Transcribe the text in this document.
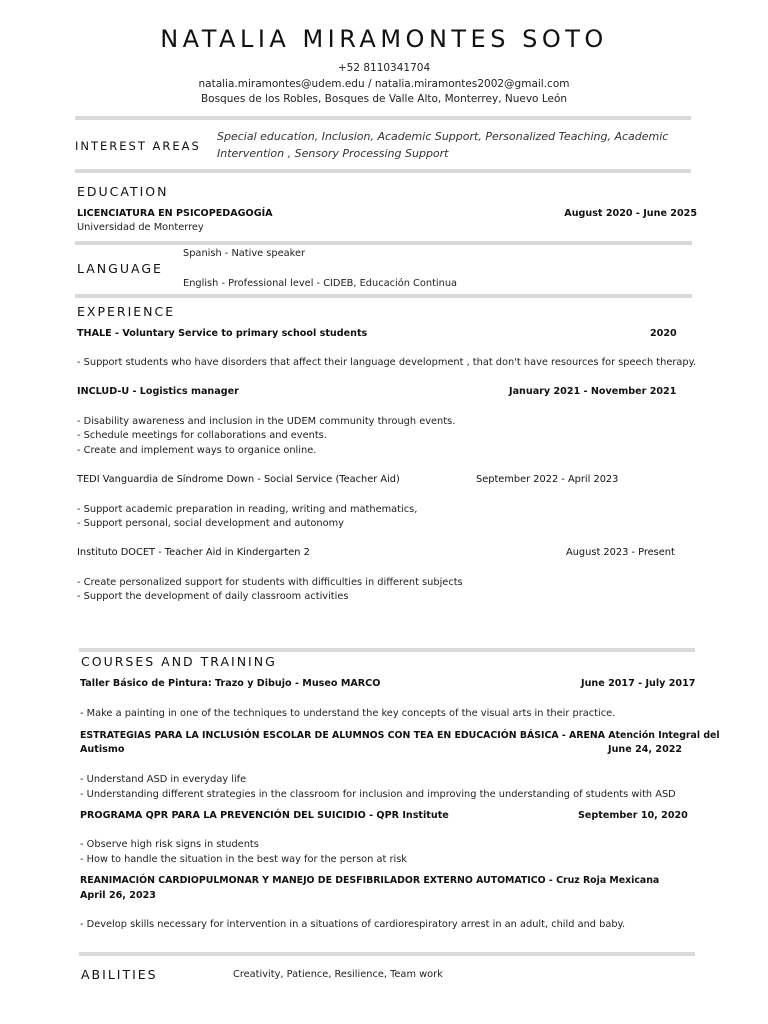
NATALIA MIRAMONTES SOTO
+52 8110341704
natalia.miramontes@udem.edu / natalia.miramontes2002@gmail.com
Bosques de los Robles, Bosques de Valle Alto, Monterrey, Nuevo León
INTEREST AREAS
Special education, Inclusion, Academic Support, Personalized Teaching, Academic
Intervention , Sensory Processing Support
EDUCATION
LICENCIATURA EN PSICOPEDAGOGÍA	August 2020 - June 2025
Universidad de Monterrey
LANGUAGE
Spanish - Native speaker
English - Professional level - CIDEB, Educación Continua
EXPERIENCE
THALE - Voluntary Service to primary school students	2020
- Support students who have disorders that affect their language development , that don't have resources for speech therapy.
INCLUD-U - Logistics manager	January 2021 - November 2021
- Disability awareness and inclusion in the UDEM community through events.
- Schedule meetings for collaborations and events.
- Create and implement ways to organice online.
TEDI Vanguardia de Síndrome Down - Social Service (Teacher Aid)	September 2022 - April 2023
- Support academic preparation in reading, writing and mathematics,
- Support personal, social development and autonomy
Instituto DOCET - Teacher Aid in Kindergarten 2	August 2023 - Present
- Create personalized support for students with difficulties in different subjects
- Support the development of daily classroom activities
COURSES AND TRAINING
Taller Básico de Pintura: Trazo y Dibujo - Museo MARCO	June 2017 - July 2017
- Make a painting in one of the techniques to understand the key concepts of the visual arts in their practice.
ESTRATEGIAS PARA LA INCLUSIÓN ESCOLAR DE ALUMNOS CON TEA EN EDUCACIÓN BÁSICA - ARENA Atención Integral del
Autismo	June 24, 2022
- Understand ASD in everyday life
- Understanding different strategies in the classroom for inclusion and improving the understanding of students with ASD
PROGRAMA QPR PARA LA PREVENCIÓN DEL SUICIDIO - QPR Institute	September 10, 2020
- Observe high risk signs in students
- How to handle the situation in the best way for the person at risk
REANIMACIÓN CARDIOPULMONAR Y MANEJO DE DESFIBRILADOR EXTERNO AUTOMATICO - Cruz Roja Mexicana
April 26, 2023
- Develop skills necessary for intervention in a situations of cardiorespiratory arrest in an adult, child and baby.
ABILITIES	Creativity, Patience, Resilience, Team work
